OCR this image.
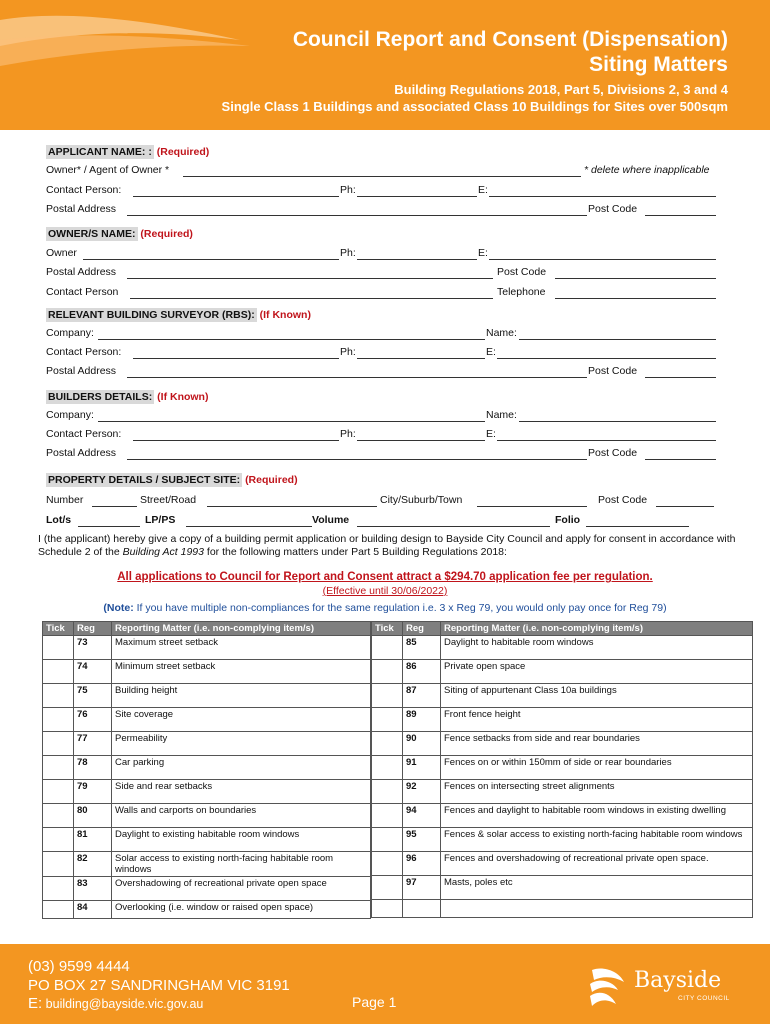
Council Report and Consent (Dispensation)
Siting Matters
Building Regulations 2018, Part 5, Divisions 2, 3 and 4
Single Class 1 Buildings and associated Class 10 Buildings for Sites over 500sqm
APPLICANT NAME: : (Required)
Owner* / Agent of Owner *	* delete where inapplicable
Contact Person:	Ph:	E:
Postal Address	Post Code
OWNER/S NAME: (Required)
Owner	Ph:	E:
Postal Address	Post Code
Contact Person	Telephone
RELEVANT BUILDING SURVEYOR (RBS): (If Known)
Company:	Name:
Contact Person:	Ph:	E:
Postal Address	Post Code
BUILDERS DETAILS: (If Known)
Company:	Name:
Contact Person:	Ph:	E:
Postal Address	Post Code
PROPERTY DETAILS / SUBJECT SITE: (Required)
Number	Street/Road	City/Suburb/Town	Post Code
Lot/s	LP/PS	Volume	Folio
I (the applicant) hereby give a copy of a building permit application or building design to Bayside City Council and apply for consent in accordance with Schedule 2 of the Building Act 1993 for the following matters under Part 5 Building Regulations 2018:
All applications to Council for Report and Consent attract a $294.70 application fee per regulation.
(Effective until 30/06/2022)
(Note: If you have multiple non-compliances for the same regulation i.e. 3 x Reg 79, you would only pay once for Reg 79)
Tick	Reg	Reporting Matter (i.e. non-complying item/s)
	73	Maximum street setback
	74	Minimum street setback
	75	Building height
	76	Site coverage
	77	Permeability
	78	Car parking
	79	Side and rear setbacks
	80	Walls and carports on boundaries
	81	Daylight to existing habitable room windows
	82	Solar access to existing north-facing habitable room windows
	83	Overshadowing of recreational private open space
	84	Overlooking (i.e. window or raised open space)
Tick	Reg	Reporting Matter (i.e. non-complying item/s)
	85	Daylight to habitable room windows
	86	Private open space
	87	Siting of appurtenant Class 10a buildings
	89	Front fence height
	90	Fence setbacks from side and rear boundaries
	91	Fences on or within 150mm of side or rear boundaries
	92	Fences on intersecting street alignments
	94	Fences and daylight to habitable room windows in existing dwelling
	95	Fences & solar access to existing north-facing habitable room windows
	96	Fences and overshadowing of recreational private open space.
	97	Masts, poles etc

(03) 9599 4444
PO BOX 27 SANDRINGHAM VIC 3191
E: building@bayside.vic.gov.au	Page 1
Bayside
CITY COUNCIL
